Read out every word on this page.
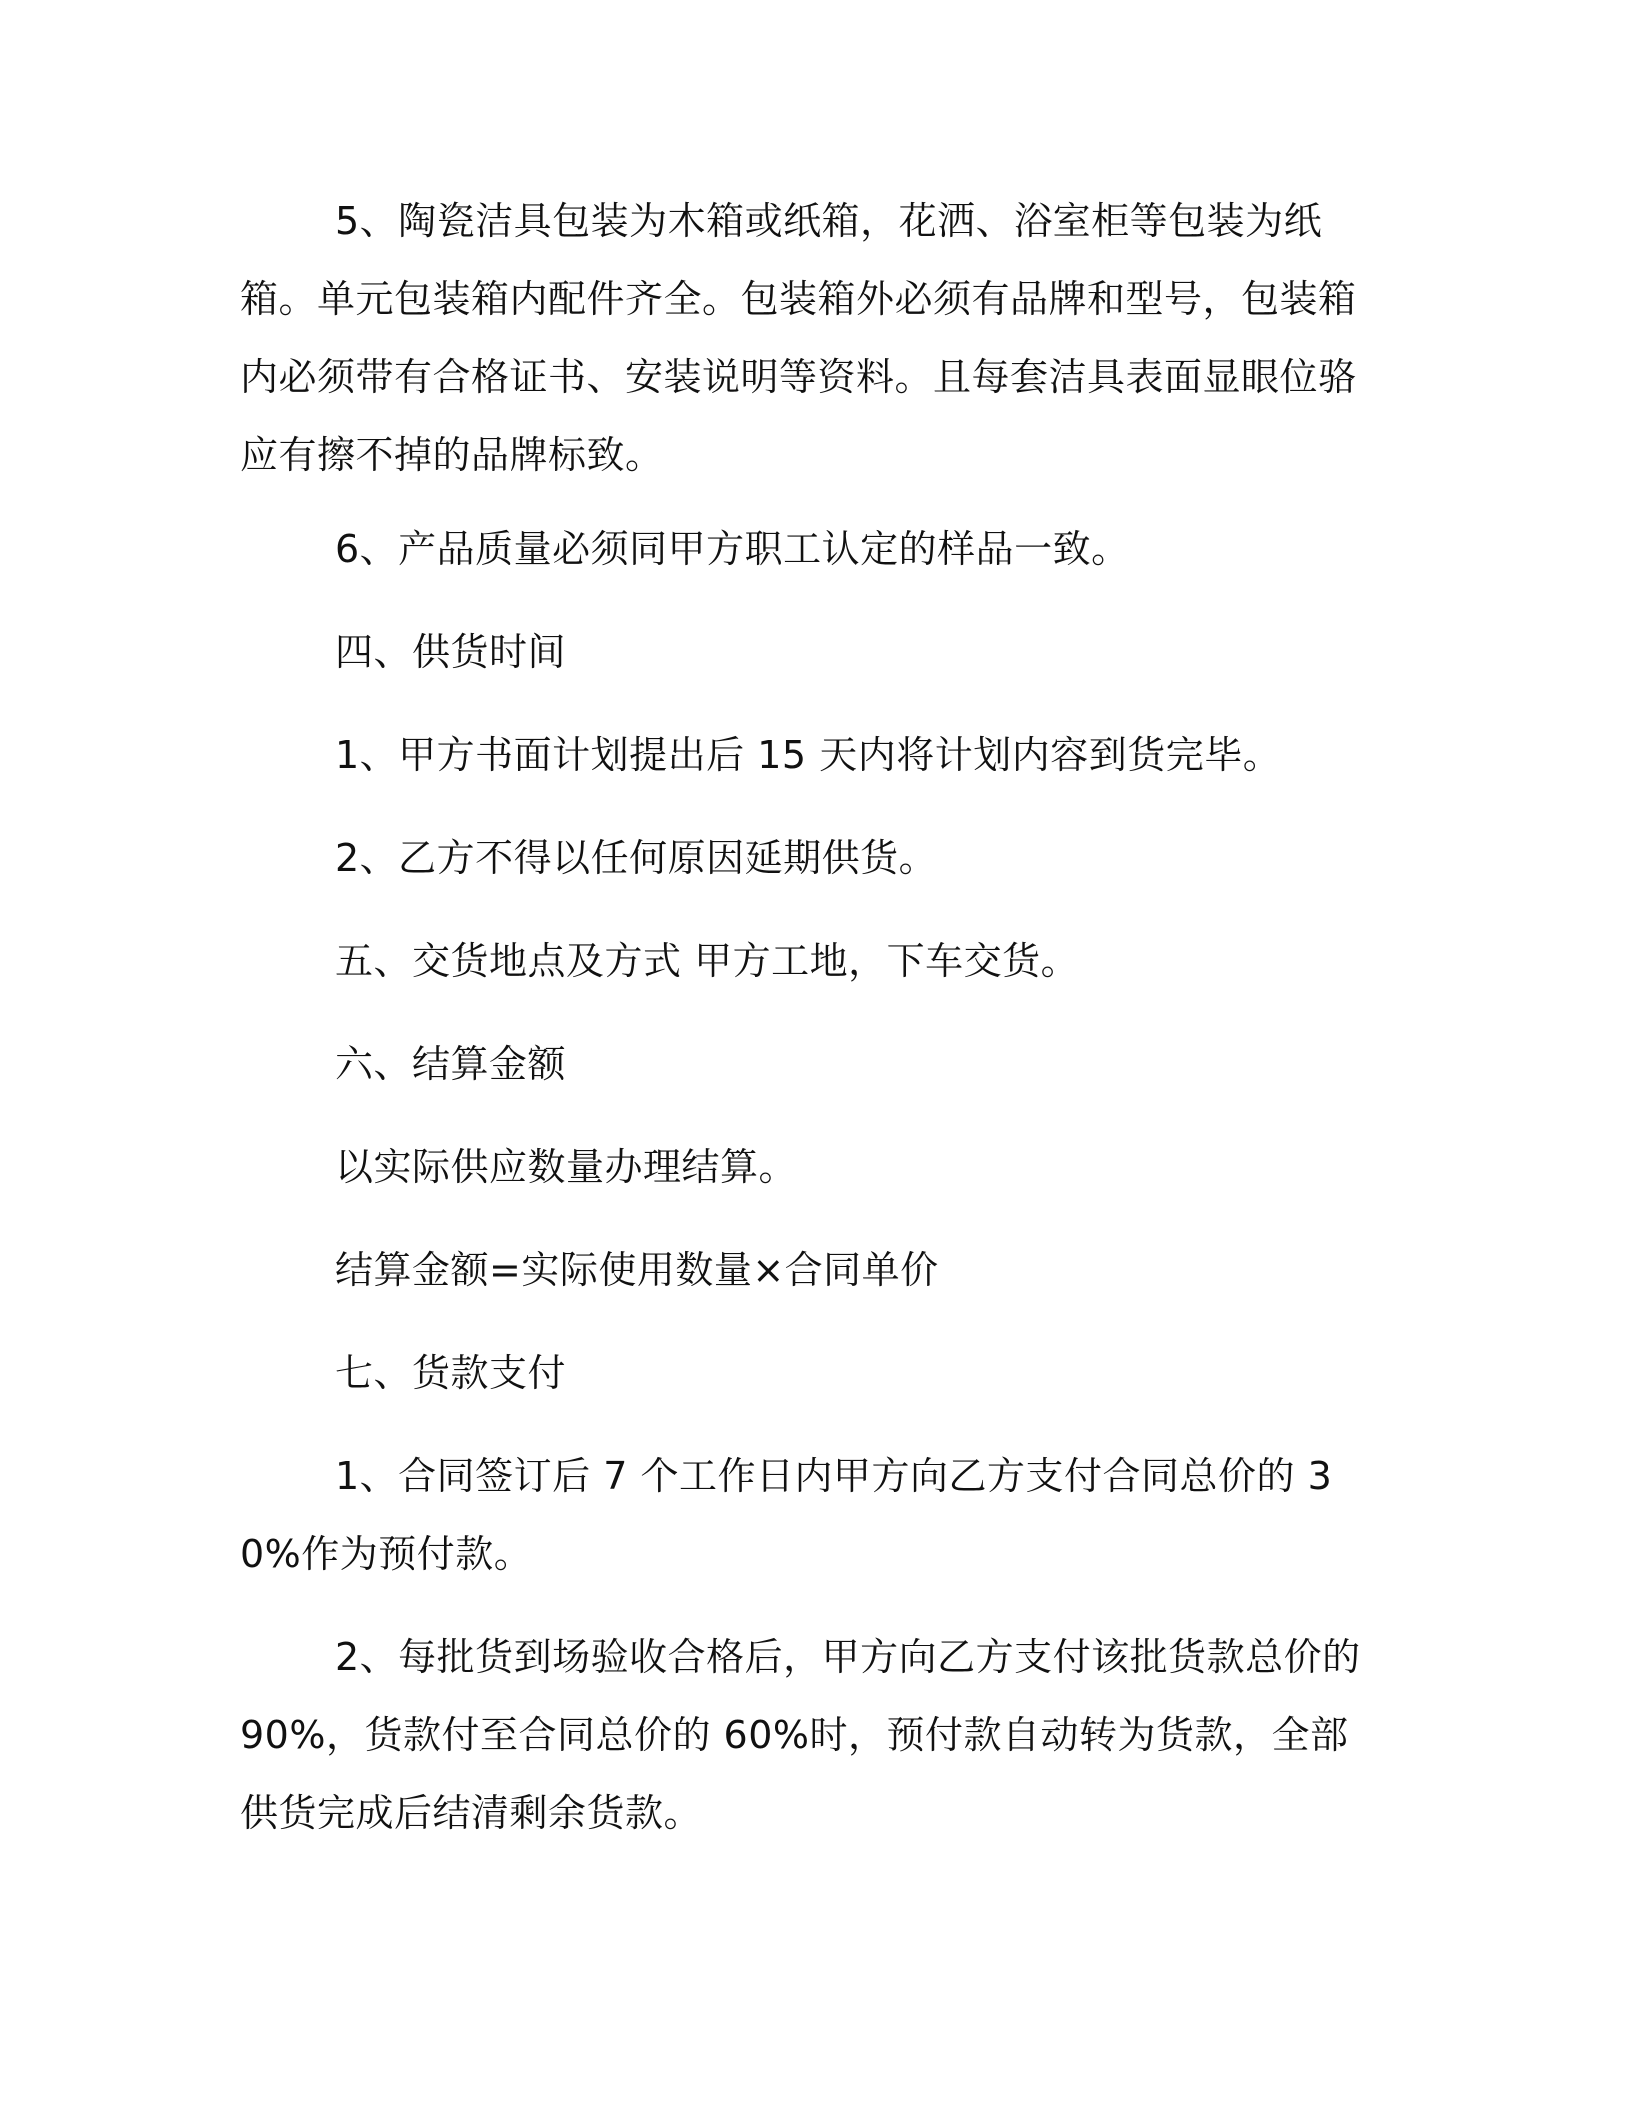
5、陶瓷洁具包装为木箱或纸箱，花洒、浴室柜等包装为纸箱。单元包装箱内配件齐全。包装箱外必须有品牌和型号，包装箱内必须带有合格证书、安装说明等资料。且每套洁具表面显眼位骆应有擦不掉的品牌标致。

6、产品质量必须同甲方职工认定的样品一致。

四、供货时间

1、甲方书面计划提出后 15 天内将计划内容到货完毕。

2、乙方不得以任何原因延期供货。

五、交货地点及方式 甲方工地，下车交货。

六、结算金额

以实际供应数量办理结算。

结算金额=实际使用数量×合同单价

七、货款支付

1、合同签订后 7 个工作日内甲方向乙方支付合同总价的 30%作为预付款。

2、每批货到场验收合格后，甲方向乙方支付该批货款总价的 90%，货款付至合同总价的 60%时，预付款自动转为货款，全部供货完成后结清剩余货款。
